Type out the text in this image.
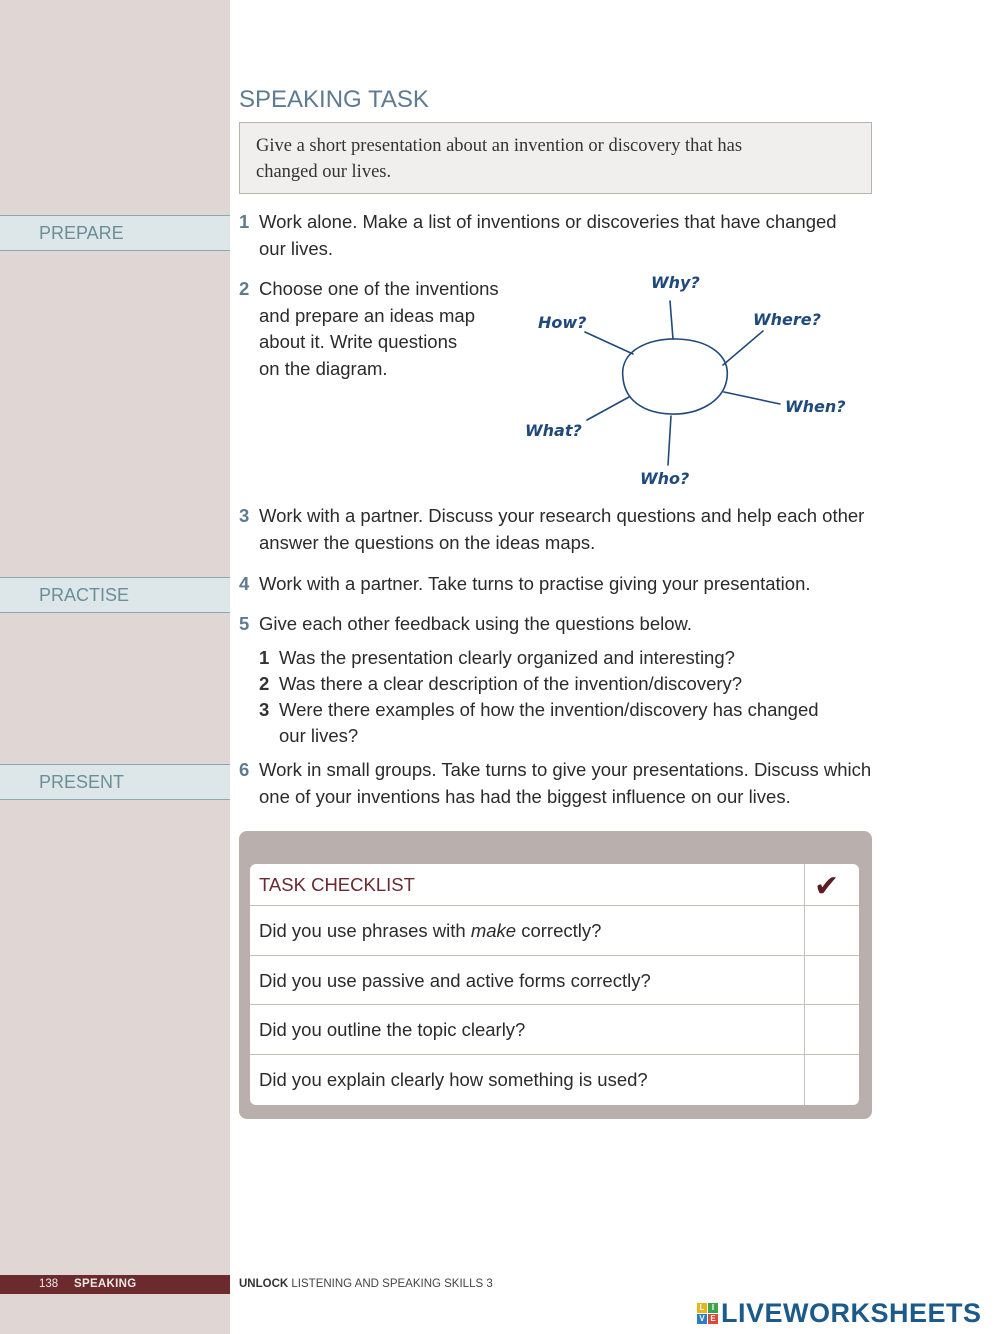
PREPARE
PRACTISE
PRESENT
SPEAKING TASK
Give a short presentation about an invention or discovery that has
changed our lives.
1 Work alone. Make a list of inventions or discoveries that have changed
our lives.
2 Choose one of the inventions
and prepare an ideas map
about it. Write questions
on the diagram.
Why?
Where?
How?
When?
What?
Who?
3 Work with a partner. Discuss your research questions and help each other
answer the questions on the ideas maps.
4 Work with a partner. Take turns to practise giving your presentation.
5 Give each other feedback using the questions below.
1 Was the presentation clearly organized and interesting?
2 Was there a clear description of the invention/discovery?
3 Were there examples of how the invention/discovery has changed
our lives?
6 Work in small groups. Take turns to give your presentations. Discuss which
one of your inventions has had the biggest influence on our lives.
TASK CHECKLIST	✔
Did you use phrases with make correctly?
Did you use passive and active forms correctly?
Did you outline the topic clearly?
Did you explain clearly how something is used?
138 SPEAKING	UNLOCK LISTENING AND SPEAKING SKILLS 3
L I
V E LIVEWORKSHEETS
